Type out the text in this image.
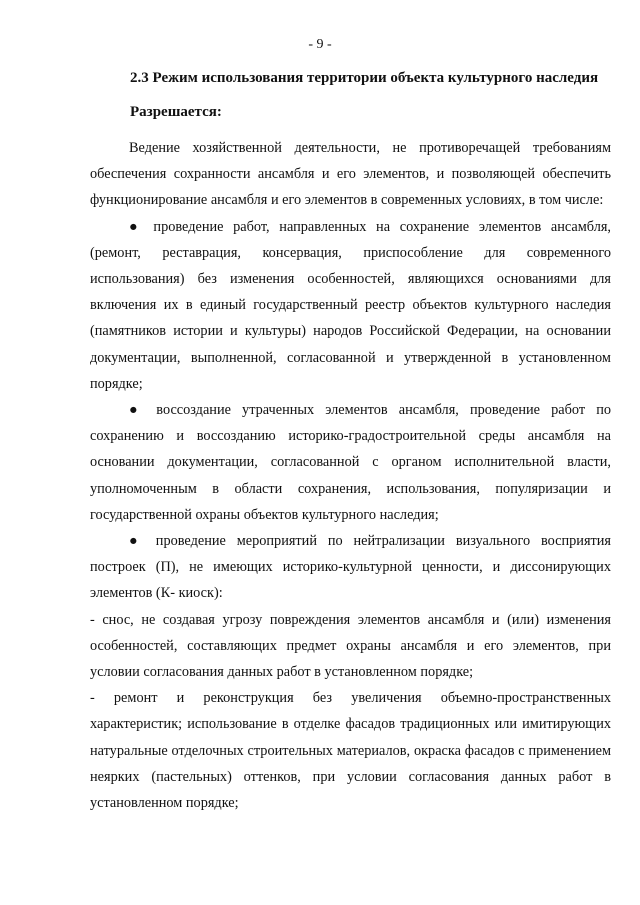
- 9 -
2.3 Режим использования территории объекта культурного наследия
Разрешается:

Ведение хозяйственной деятельности, не противоречащей требованиям обеспечения сохранности ансамбля и его элементов, и позволяющей обеспечить функционирование ансамбля и его элементов в современных условиях, в том числе:

● проведение работ, направленных на сохранение элементов ансамбля, (ремонт, реставрация, консервация, приспособление для современного использования) без изменения особенностей, являющихся основаниями для включения их в единый государственный реестр объектов культурного наследия (памятников истории и культуры) народов Российской Федерации, на основании документации, выполненной, согласованной и утвержденной в установленном порядке;

● воссоздание утраченных элементов ансамбля, проведение работ по сохранению и воссозданию историко-градостроительной среды ансамбля на основании документации, согласованной с органом исполнительной власти, уполномоченным в области сохранения, использования, популяризации и государственной охраны объектов культурного наследия;

● проведение мероприятий по нейтрализации визуального восприятия построек (П), не имеющих историко-культурной ценности, и диссонирующих элементов (К- киоск):

- снос, не создавая угрозу повреждения элементов ансамбля и (или) изменения особенностей, составляющих предмет охраны ансамбля и его элементов, при условии согласования данных работ в установленном порядке;

- ремонт и реконструкция без увеличения объемно-пространственных характеристик; использование в отделке фасадов традиционных или имитирующих натуральные отделочных строительных материалов, окраска фасадов с применением неярких (пастельных) оттенков, при условии согласования данных работ в установленном порядке;
